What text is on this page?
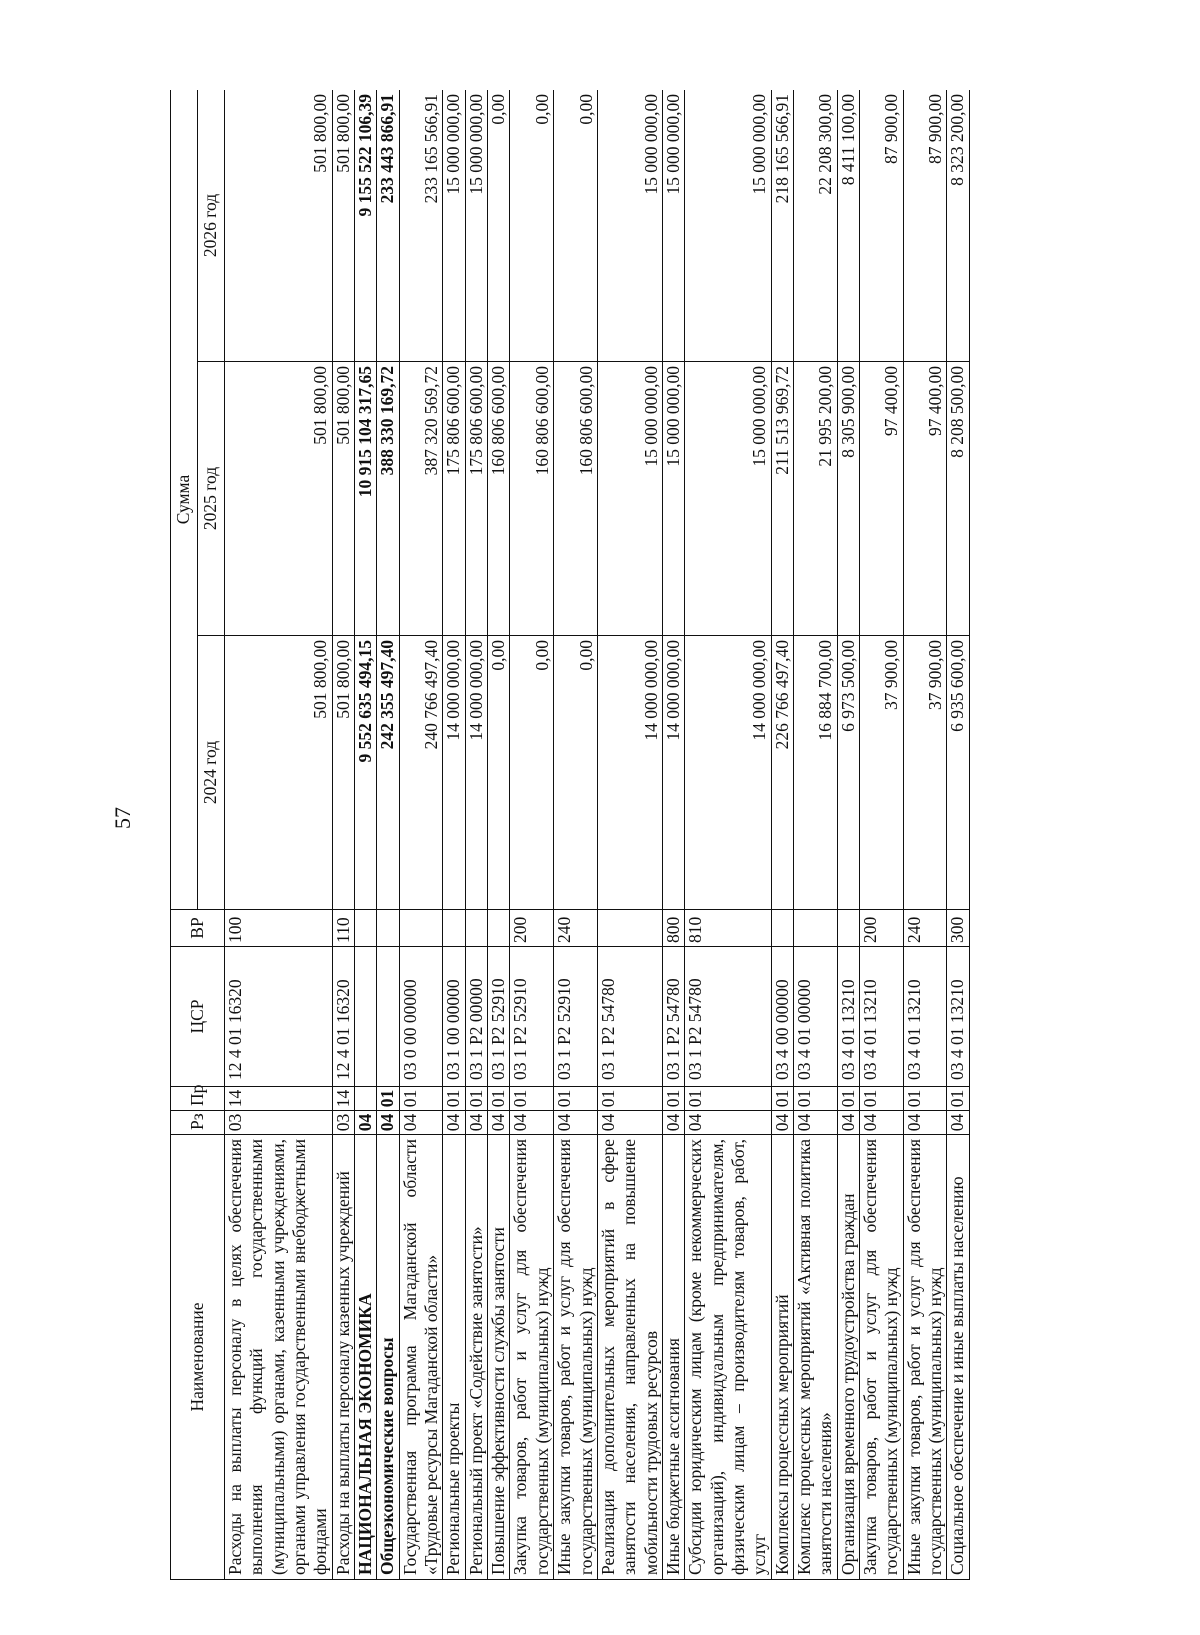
57
Наименование	Рз	Пр	ЦСР	ВР	Сумма		
					2024 год	2025 год	2026 год
Расходы на выплаты персоналу в целях обеспечения выполнения функций государственными (муниципальными) органами, казенными учреждениями, органами управления государственными внебюджетными фондами	03	14	12 4 01 16320	100	501 800,00	501 800,00	501 800,00
Расходы на выплаты персоналу казенных учреждений	03	14	12 4 01 16320	110	501 800,00	501 800,00	501 800,00
НАЦИОНАЛЬНАЯ ЭКОНОМИКА	04				9 552 635 494,15	10 915 104 317,65	9 155 522 106,39
Общеэкономические вопросы	04	01			242 355 497,40	388 330 169,72	233 443 866,91
Государственная программа Магаданской области «Трудовые ресурсы Магаданской области»	04	01	03 0 00 00000		240 766 497,40	387 320 569,72	233 165 566,91
Региональные проекты	04	01	03 1 00 00000		14 000 000,00	175 806 600,00	15 000 000,00
Региональный проект «Содействие занятости»	04	01	03 1 P2 00000		14 000 000,00	175 806 600,00	15 000 000,00
Повышение эффективности службы занятости	04	01	03 1 P2 52910		0,00	160 806 600,00	0,00
Закупка товаров, работ и услуг для обеспечения государственных (муниципальных) нужд	04	01	03 1 P2 52910	200	0,00	160 806 600,00	0,00
Иные закупки товаров, работ и услуг для обеспечения государственных (муниципальных) нужд	04	01	03 1 P2 52910	240	0,00	160 806 600,00	0,00
Реализация дополнительных мероприятий в сфере занятости населения, направленных на повышение мобильности трудовых ресурсов	04	01	03 1 P2 54780		14 000 000,00	15 000 000,00	15 000 000,00
Иные бюджетные ассигнования	04	01	03 1 P2 54780	800	14 000 000,00	15 000 000,00	15 000 000,00
Субсидии юридическим лицам (кроме некоммерческих организаций), индивидуальным предпринимателям, физическим лицам – производителям товаров, работ, услуг	04	01	03 1 P2 54780	810	14 000 000,00	15 000 000,00	15 000 000,00
Комплексы процессных мероприятий	04	01	03 4 00 00000		226 766 497,40	211 513 969,72	218 165 566,91
Комплекс процессных мероприятий «Активная политика занятости населения»	04	01	03 4 01 00000		16 884 700,00	21 995 200,00	22 208 300,00
Организация временного трудоустройства граждан	04	01	03 4 01 13210		6 973 500,00	8 305 900,00	8 411 100,00
Закупка товаров, работ и услуг для обеспечения государственных (муниципальных) нужд	04	01	03 4 01 13210	200	37 900,00	97 400,00	87 900,00
Иные закупки товаров, работ и услуг для обеспечения государственных (муниципальных) нужд	04	01	03 4 01 13210	240	37 900,00	97 400,00	87 900,00
Социальное обеспечение и иные выплаты населению	04	01	03 4 01 13210	300	6 935 600,00	8 208 500,00	8 323 200,00
